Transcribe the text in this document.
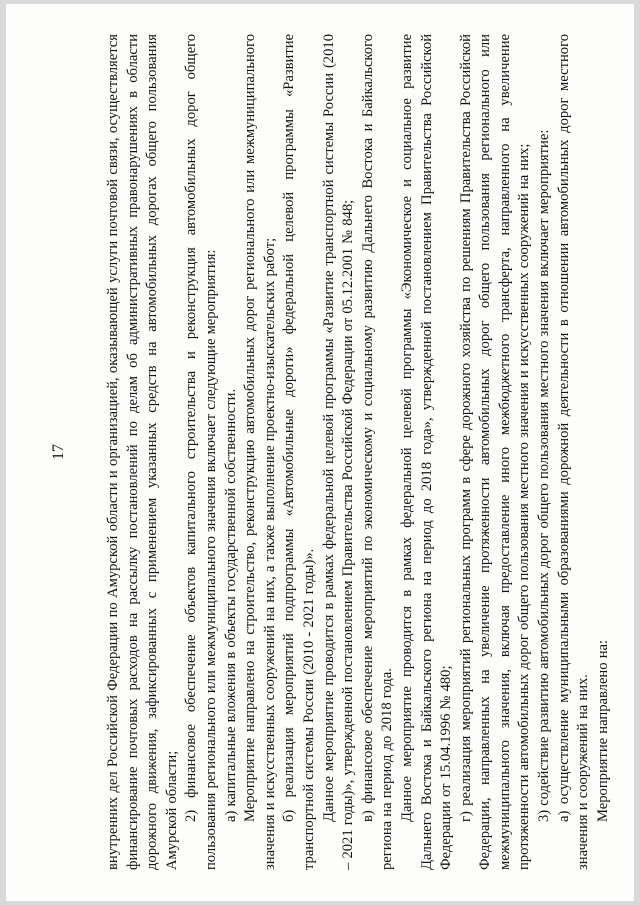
17	внутренних дел Российской Федерации по Амурской области и организацией, оказывающей услуги почтовой связи, осуществляется финансирование почтовых расходов на рассылку постановлений по делам об административных правонарушениях в области дорожного движения, зафиксированных с применением указанных средств на автомобильных дорогах общего пользования Амурской области; 2) финансовое обеспечение объектов капитального строительства и реконструкция автомобильных дорог общего пользования регионального или межмуниципального значения включает следующие мероприятия: а) капитальные вложения в объекты государственной собственности. Мероприятие направлено на строительство, реконструкцию автомобильных дорог регионального или межмуниципального значения и искусственных сооружений на них, а также выполнение проектно-изыскательских работ; б) реализация мероприятий подпрограммы «Автомобильные дороги» федеральной целевой программы «Развитие транспортной системы России (2010 - 2021 годы)». Данное мероприятие проводится в рамках федеральной целевой программы «Развитие транспортной системы России (2010 – 2021 годы)», утвержденной постановлением Правительства Российской Федерации от 05.12.2001 № 848; в) финансовое обеспечение мероприятий по экономическому и социальному развитию Дальнего Востока и Байкальского региона на период до 2018 года. Данное мероприятие проводится в рамках федеральной целевой программы «Экономическое и социальное развитие Дальнего Востока и Байкальского региона на период до 2018 года», утвержденной постановлением Правительства Российской Федерации от 15.04.1996 № 480; г) реализация мероприятий региональных программ в сфере дорожного хозяйства по решениям Правительства Российской Федерации, направленных на увеличение протяженности автомобильных дорог общего пользования регионального или межмуниципального значения, включая предоставление иного межбюджетного трансферта, направленного на увеличение протяженности автомобильных дорог общего пользования местного значения и искусственных сооружений на них; 3) содействие развитию автомобильных дорог общего пользования местного значения включает мероприятие: а) осуществление муниципальными образованиями дорожной деятельности в отношении автомобильных дорог местного значения и сооружений на них. Мероприятие направлено на:
